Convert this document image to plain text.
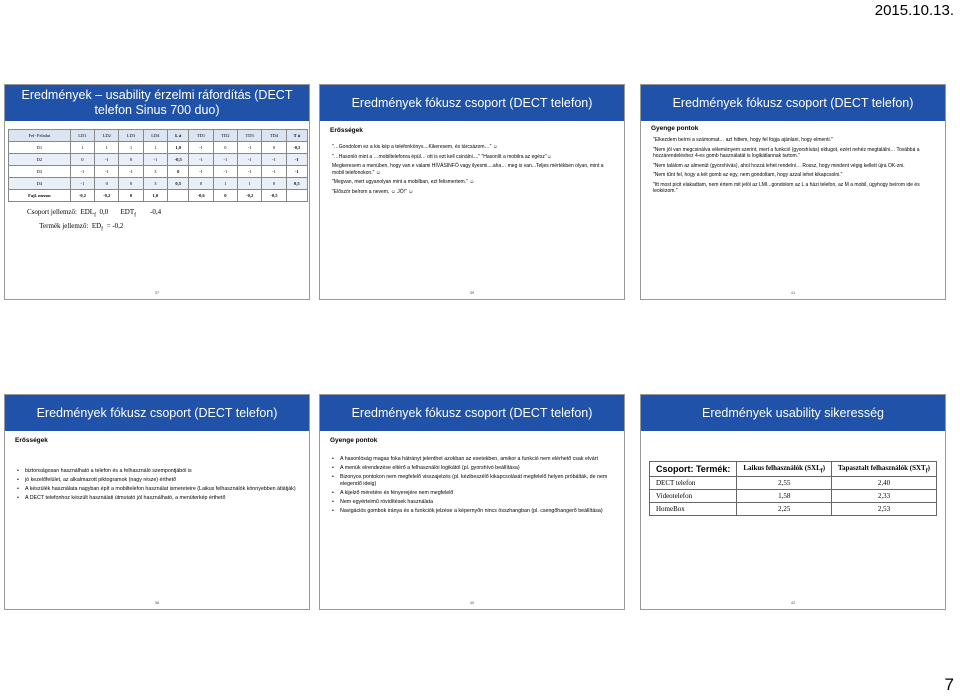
2015.10.13.
Eredmények – usability érzelmi ráfordítás (DECT telefon Sinus 700 duo)
Fel- Feladat	LD1	LD2	LD3	LD4	L á	TD1	TD2	TD3	TD4	T á
D1	1	1	1	1	1,0	-1	0	-1	0	-0,5
D2	0	-1	0	-1	-0,5	-1	-1	-1	-1	-1
D3	-1	-1	-1	3	0	-1	-1	-1	-1	-1
D4	-1	0	0	3	0,5	0	1	1	0	0,5
Fajl. mezon	-0,2	-0,2	0	1,0		-0,6	0	-0,2	-0,5	
Csoport jellemző: $EDL_f$ 0,0 $EDT_f$ -0,4
Termék jellemző: $ED_f = -0,2$
37
Eredmények fókusz csoport (DECT telefon)
Erősségek

"…Gondolom ez a kis kép a telefonkönyv....Kikeresem, és tárcsázom…" ☺

"…Hasonló mint a …mobiltelefonra épül… ott is ezt kell csinálni...." "Hasonlít a mobilra az egész"☺

Megkeresem a menüben, hogy van e valami HÍVÁSINFÓ vagy ilyesmi....aha… meg is van...Teljes mértékben olyan, mint a mobil telefonokon." ☺

"Megvan, mert ugyanolyan mint a mobilban, ezt felismertem." ☺

"Először beírom a nevem, ☺ JÓ!" ☺

39
Eredmények fókusz csoport (DECT telefon)
Gyenge pontok

"Elkezdem beírni a számomat… azt hittem, hogy fel fogja ajánlani, hogy elmenti."

"Nem jól van megcsinálva véleményem szerint, mert a funkció (gyorshívás) eldugot, ezért nehéz megtalálni… Továbbá a hozzárendeléshez 4-es gomb használatát is logikátlannak tartom."

"Nem találom az almenüt (gyorshívás), ahol hozzá lehet rendelni… Rossz, hogy mindent végig kellett újra OK-zni.

"Nem tűnt fel, hogy a két gomb az egy, nem gondoltam, hogy azzal lehet kikapcsolni."

"Itt most picit elakadtam, nem értem mit jelöl az LMI...gondolom az L a házi telefon, az M a mobil, úgyhogy beírom ide és leokézom."

41
Eredmények fókusz csoport (DECT telefon)
Erősségek
• biztonságosan használható a telefon és a felhasználó szempontjából is
• jó kezelőfelület, az alkalmazott piktogramok (nagy része) érthető
• A készülék használata nagyban épít a mobiltelefon használat ismereteire (Laikus felhasználók könnyebben átlátják)
• A DECT telefonhoz készült használati útmutató jól használható, a menüterkép érthető
38
Eredmények fókusz csoport (DECT telefon)
Gyenge pontok
• A hasonlóság magas foka hátrányt jelenthet azokban az esetekben, amikor a funkció nem elérhető csak elvárt
• A menük elrendezése eltérő a felhasználói logikától (pl. gyorshívó beállítása)
• Bizonyos pontokon nem megfelelő visszajelzés (pl. kézibeszélő kikapcsolását megfelelő helyen próbálták, de nem elegendő ideig)
• A kijelző méretére és fényerejére nem megfelelő
• Nem egyértelmű rövidítések használata
• Navigációs gombok iránya és a funkciók jelzése a képernyőn nincs összhangban (pl. csengőhangerő beállítása)
40
Eredmények usability sikeresség
Csoport: Termék:	Laikus felhasználók $(SXL_f)$	Tapasztalt felhasználók $(SXT_f)$
DECT telefon	2,55	2,40
Videotelefon	1,58	2,33
HomeBox	2,25	2,53
42
7
